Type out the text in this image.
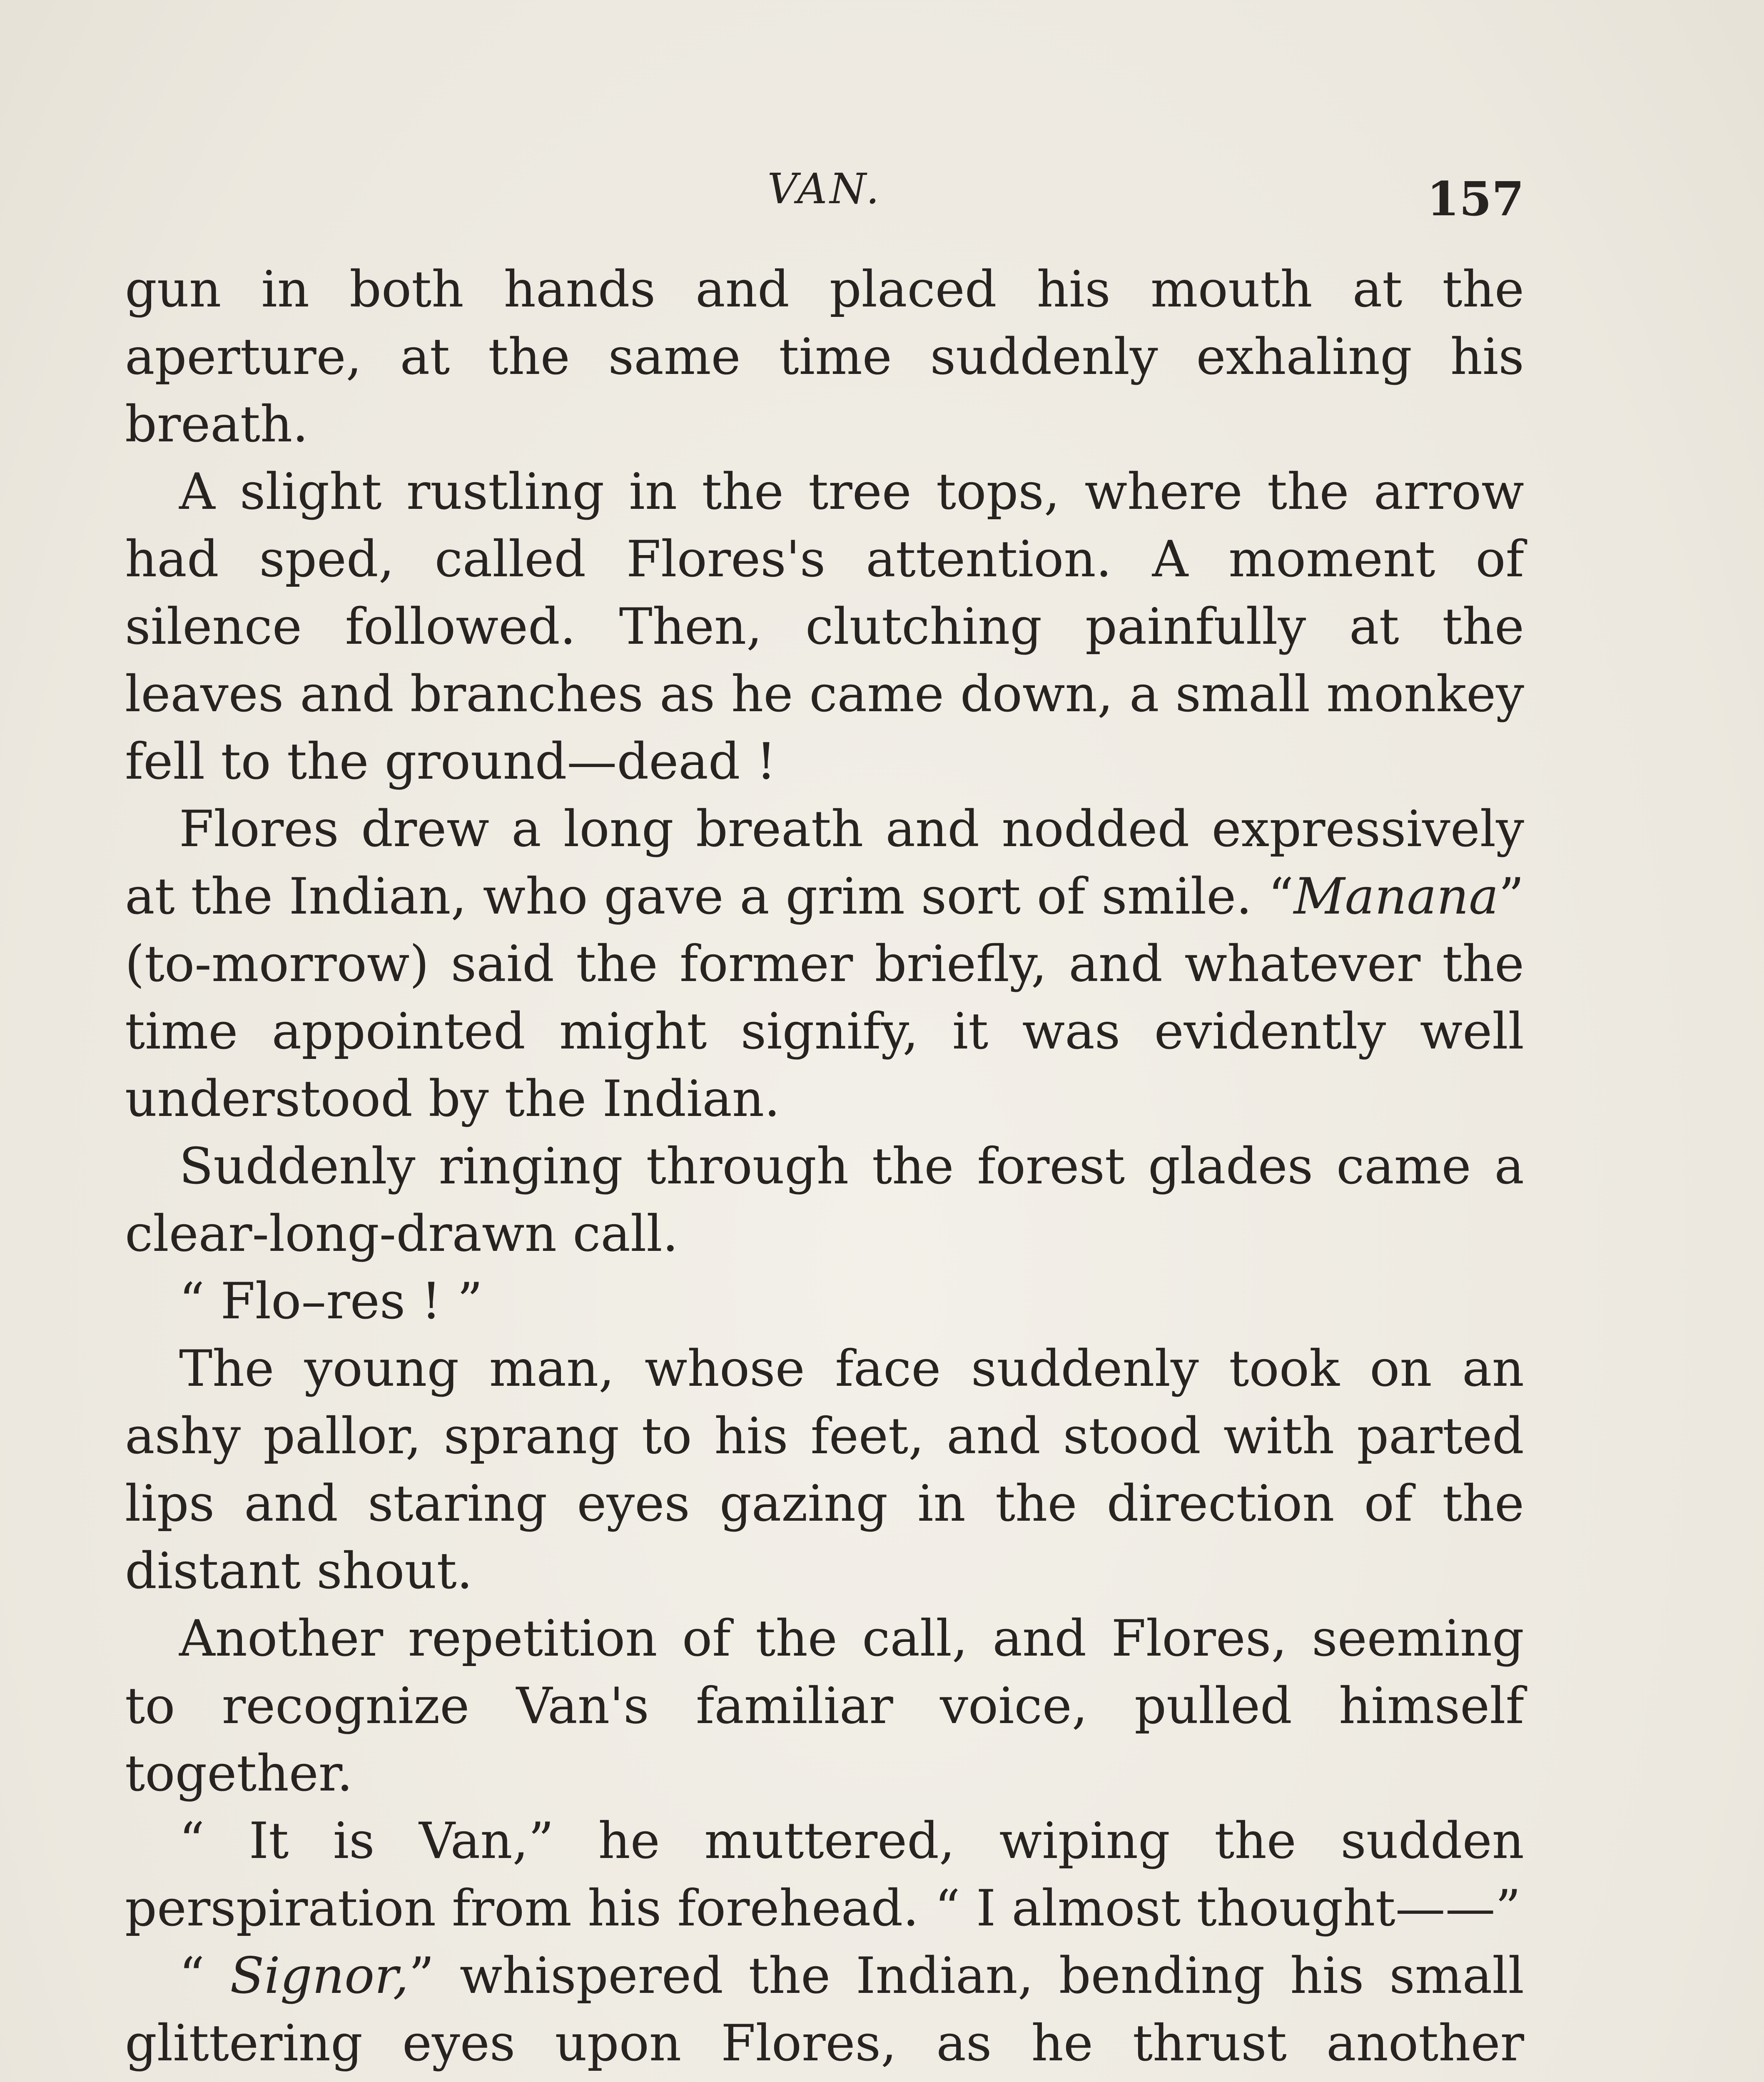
VAN.	157

gun in both hands and placed his mouth at the aperture, at the same time suddenly exhaling his breath.

A slight rustling in the tree tops, where the arrow had sped, called Flores's attention. A moment of silence followed. Then, clutching painfully at the leaves and branches as he came down, a small monkey fell to the ground—dead !

Flores drew a long breath and nodded expressively at the Indian, who gave a grim sort of smile. “Manana” (to-morrow) said the former briefly, and whatever the time appointed might signify, it was evidently well understood by the Indian.

Suddenly ringing through the forest glades came a clear-long-drawn call.

“ Flo–res ! ”

The young man, whose face suddenly took on an ashy pallor, sprang to his feet, and stood with parted lips and staring eyes gazing in the direction of the distant shout.

Another repetition of the call, and Flores, seeming to recognize Van's familiar voice, pulled himself together.

“ It is Van,” he muttered, wiping the sudden perspiration from his forehead. “ I almost thought——”

“ Signor,” whispered the Indian, bending his small glittering eyes upon Flores, as he thrust another
